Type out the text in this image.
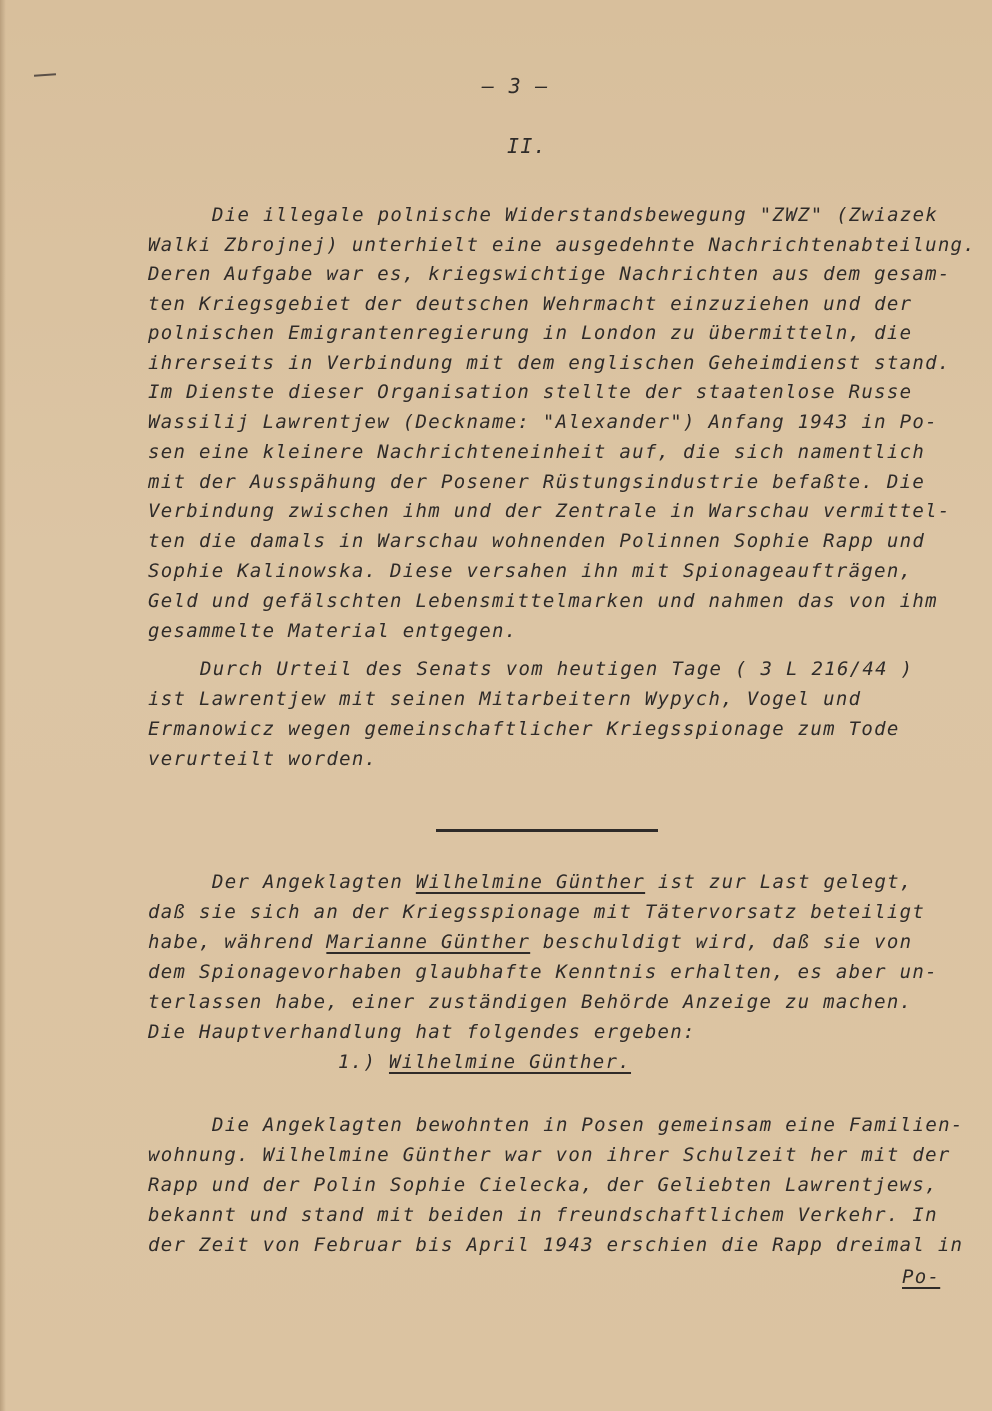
– 3 –
II.
Die illegale polnische Widerstandsbewegung "ZWZ" (Zwiazek
Walki Zbrojnej) unterhielt eine ausgedehnte Nachrichtenabteilung.
Deren Aufgabe war es, kriegswichtige Nachrichten aus dem gesam-
ten Kriegsgebiet der deutschen Wehrmacht einzuziehen und der
polnischen Emigrantenregierung in London zu übermitteln, die
ihrerseits in Verbindung mit dem englischen Geheimdienst stand.
Im Dienste dieser Organisation stellte der staatenlose Russe
Wassilij Lawrentjew (Deckname: "Alexander") Anfang 1943 in Po-
sen eine kleinere Nachrichteneinheit auf, die sich namentlich
mit der Ausspähung der Posener Rüstungsindustrie befaßte. Die
Verbindung zwischen ihm und der Zentrale in Warschau vermittel-
ten die damals in Warschau wohnenden Polinnen Sophie Rapp und
Sophie Kalinowska. Diese versahen ihn mit Spionageaufträgen,
Geld und gefälschten Lebensmittelmarken und nahmen das von ihm
gesammelte Material entgegen.
Durch Urteil des Senats vom heutigen Tage ( 3 L 216/44 )
ist Lawrentjew mit seinen Mitarbeitern Wypych, Vogel und
Ermanowicz wegen gemeinschaftlicher Kriegsspionage zum Tode
verurteilt worden.
Der Angeklagten Wilhelmine Günther ist zur Last gelegt,
daß sie sich an der Kriegsspionage mit Tätervorsatz beteiligt
habe, während Marianne Günther beschuldigt wird, daß sie von
dem Spionagevorhaben glaubhafte Kenntnis erhalten, es aber un-
terlassen habe, einer zuständigen Behörde Anzeige zu machen.
Die Hauptverhandlung hat folgendes ergeben:
1.) Wilhelmine Günther.
Die Angeklagten bewohnten in Posen gemeinsam eine Familien-
wohnung. Wilhelmine Günther war von ihrer Schulzeit her mit der
Rapp und der Polin Sophie Cielecka, der Geliebten Lawrentjews,
bekannt und stand mit beiden in freundschaftlichem Verkehr. In
der Zeit von Februar bis April 1943 erschien die Rapp dreimal in
Po-
